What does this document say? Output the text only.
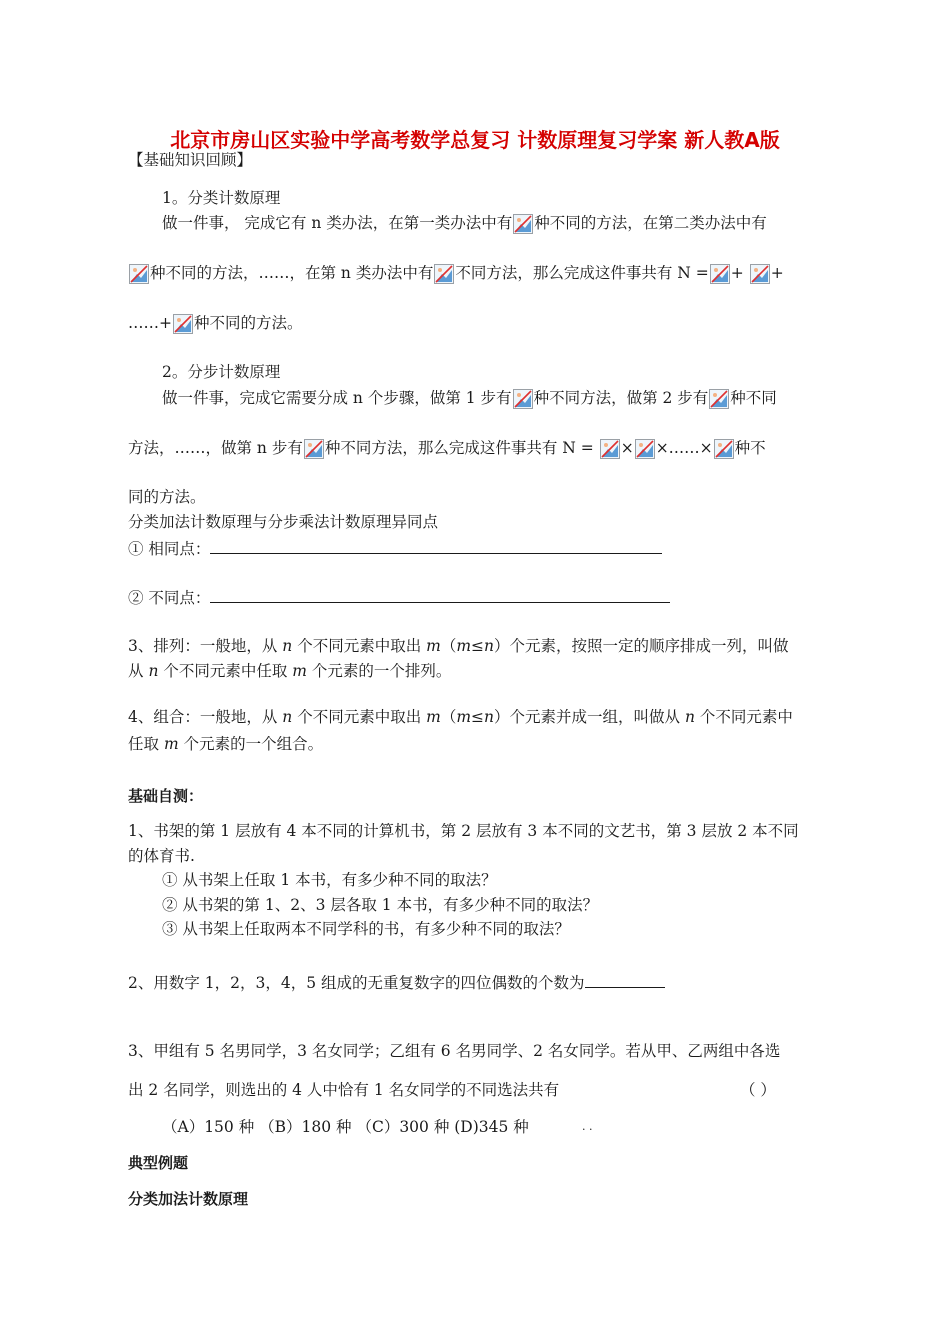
北京市房山区实验中学高考数学总复习 计数原理复习学案 新人教A版
【基础知识回顾】
1。分类计数原理
做一件事， 完成它有 n 类办法，在第一类办法中有 种不同的方法，在第二类办法中有
种不同的方法，……，在第 n 类办法中有 不同方法，那么完成这件事共有 N = + +
……+ 种不同的方法。
2。分步计数原理
做一件事，完成它需要分成 n 个步骤，做第 1 步有 种不同方法，做第 2 步有 种不同
方法，……，做第 n 步有 种不同方法，那么完成这件事共有 N = × ×……× 种不
同的方法。
分类加法计数原理与分步乘法计数原理异同点
① 相同点：
② 不同点：
3、排列：一般地，从 n 个不同元素中取出 m（m≤n）个元素，按照一定的顺序排成一列，叫做
从 n 个不同元素中任取 m 个元素的一个排列。
4、组合：一般地，从 n 个不同元素中取出 m（m≤n）个元素并成一组，叫做从 n 个不同元素中
任取 m 个元素的一个组合。
基础自测：
1、书架的第 1 层放有 4 本不同的计算机书，第 2 层放有 3 本不同的文艺书，第 3 层放 2 本不同
的体育书.
① 从书架上任取 1 本书，有多少种不同的取法？
② 从书架的第 1、2、3 层各取 1 本书，有多少种不同的取法？
③ 从书架上任取两本不同学科的书，有多少种不同的取法？
2、用数字 1，2，3，4，5 组成的无重复数字的四位偶数的个数为
3、甲组有 5 名男同学，3 名女同学；乙组有 6 名男同学、2 名女同学。若从甲、乙两组中各选
出 2 名同学，则选出的 4 人中恰有 1 名女同学的不同选法共有	（ ）
（A）150 种 （B）180 种 （C）300 种 (D)345 种	. .
典型例题
分类加法计数原理
